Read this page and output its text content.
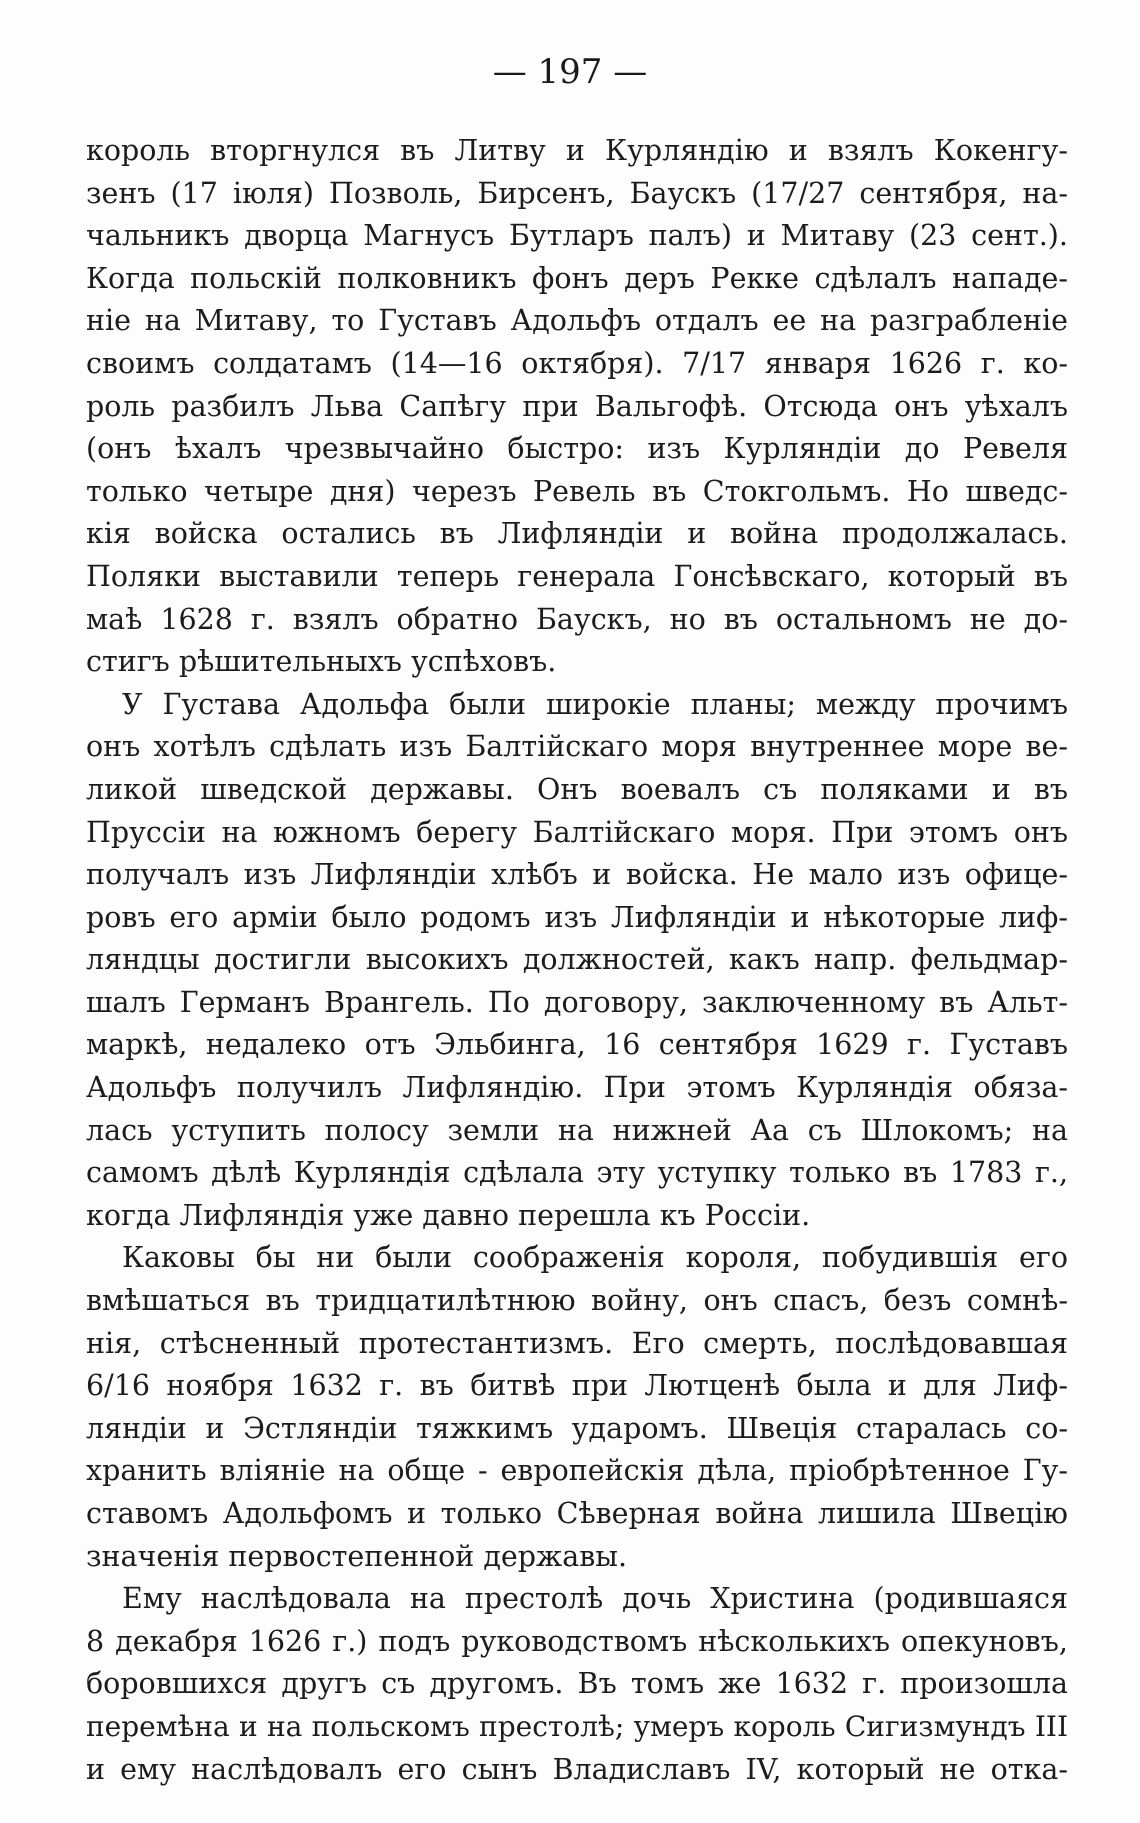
— 197 —
король вторгнулся въ Литву и Курляндію и взялъ Кокенгу-
зенъ (17 іюля) Позволь, Бирсенъ, Баускъ (17/27 сентября, на-
чальникъ дворца Магнусъ Бутларъ палъ) и Митаву (23 сент.).
Когда польскій полковникъ фонъ деръ Рекке сдѣлалъ нападе-
ніе на Митаву, то Густавъ Адольфъ отдалъ ее на разграбленіе
своимъ солдатамъ (14—16 октября). 7/17 января 1626 г. ко-
роль разбилъ Льва Сапѣгу при Вальгофѣ. Отсюда онъ уѣхалъ
(онъ ѣхалъ чрезвычайно быстро: изъ Курляндіи до Ревеля
только четыре дня) черезъ Ревель въ Стокгольмъ. Но шведс-
кія войска остались въ Лифляндіи и война продолжалась.
Поляки выставили теперь генерала Гонсѣвскаго, который въ
маѣ 1628 г. взялъ обратно Баускъ, но въ остальномъ не до-
стигъ рѣшительныхъ успѣховъ.
У Густава Адольфа были широкіе планы; между прочимъ
онъ хотѣлъ сдѣлать изъ Балтійскаго моря внутреннее море ве-
ликой шведской державы. Онъ воевалъ съ поляками и въ
Пруссіи на южномъ берегу Балтійскаго моря. При этомъ онъ
получалъ изъ Лифляндіи хлѣбъ и войска. Не мало изъ офице-
ровъ его арміи было родомъ изъ Лифляндіи и нѣкоторые лиф-
ляндцы достигли высокихъ должностей, какъ напр. фельдмар-
шалъ Германъ Врангель. По договору, заключенному въ Альт-
маркѣ, недалеко отъ Эльбинга, 16 сентября 1629 г. Густавъ
Адольфъ получилъ Лифляндію. При этомъ Курляндія обяза-
лась уступить полосу земли на нижней Аа съ Шлокомъ; на
самомъ дѣлѣ Курляндія сдѣлала эту уступку только въ 1783 г.,
когда Лифляндія уже давно перешла къ Россіи.
Каковы бы ни были соображенія короля, побудившія его
вмѣшаться въ тридцатилѣтнюю войну, онъ спасъ, безъ сомнѣ-
нія, стѣсненный протестантизмъ. Его смерть, послѣдовавшая
6/16 ноября 1632 г. въ битвѣ при Лютценѣ была и для Лиф-
ляндіи и Эстляндіи тяжкимъ ударомъ. Швеція старалась со-
хранить вліяніе на обще - европейскія дѣла, пріобрѣтенное Гу-
ставомъ Адольфомъ и только Сѣверная война лишила Швецію
значенія первостепенной державы.
Ему наслѣдовала на престолѣ дочь Христина (родившаяся
8 декабря 1626 г.) подъ руководствомъ нѣсколькихъ опекуновъ,
боровшихся другъ съ другомъ. Въ томъ же 1632 г. произошла
перемѣна и на польскомъ престолѣ; умеръ король Сигизмундъ III
и ему наслѣдовалъ его сынъ Владиславъ IV, который не отка-
